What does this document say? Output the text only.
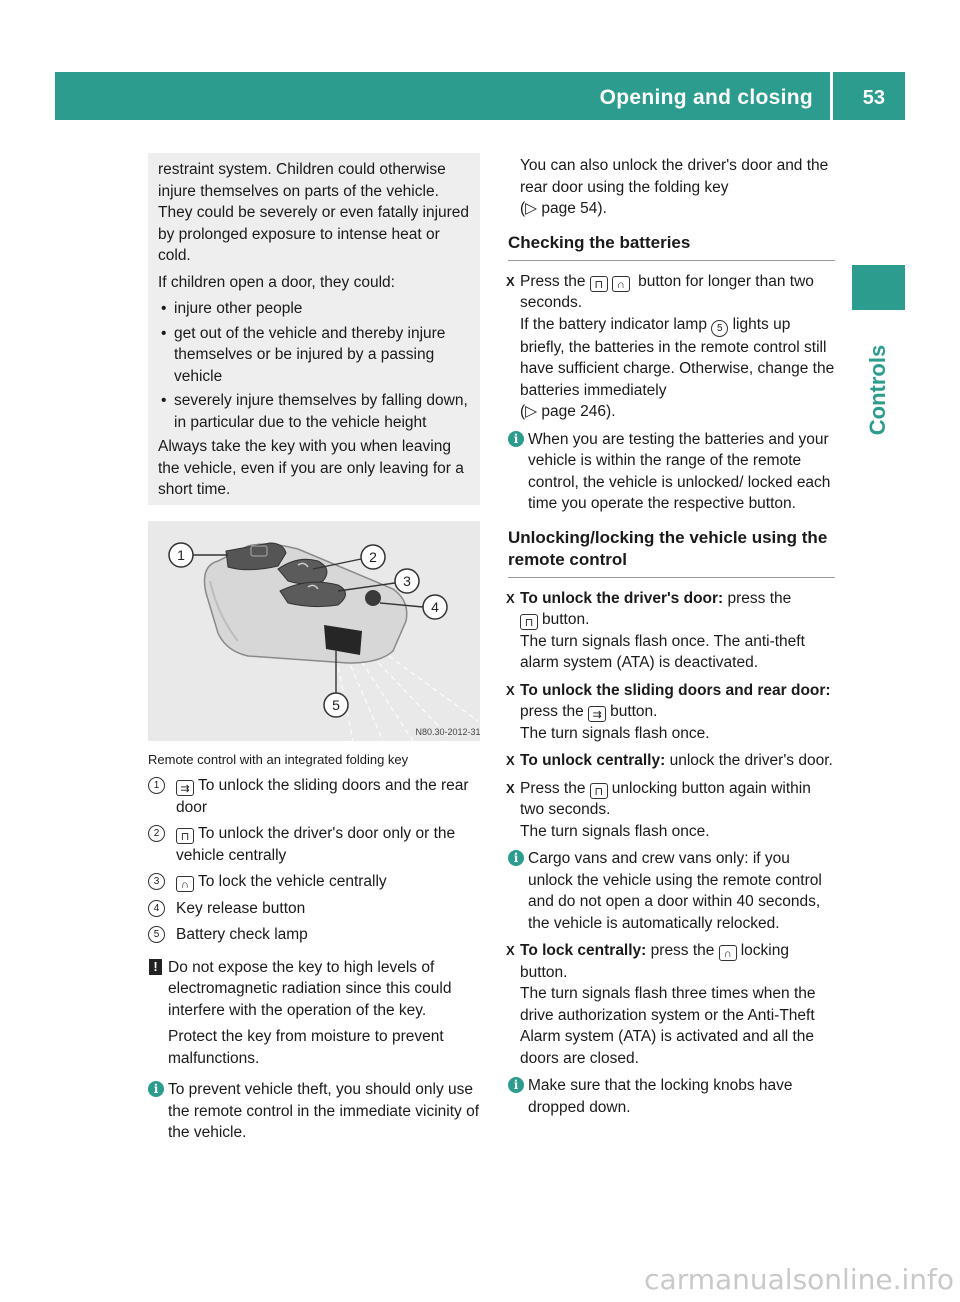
Opening and closing 53
Controls

restraint system. Children could otherwise injure themselves on parts of the vehicle. They could be severely or even fatally injured by prolonged exposure to intense heat or cold.

If children open a door, they could:

• injure other people

• get out of the vehicle and thereby injure themselves or be injured by a passing vehicle

• severely injure themselves by falling down, in particular due to the vehicle height

Always take the key with you when leaving the vehicle, even if you are only leaving for a short time.

1	2
3
4
5
N80.30-2012-31
Remote control with an integrated folding key
1	⇉ To unlock the sliding doors and the rear door
2	⊓ To unlock the driver's door only or the vehicle centrally
3	∩ To lock the vehicle centrally
4	Key release button
5	Battery check lamp
! Do not expose the key to high levels of electromagnetic radiation since this could interfere with the operation of the key.
Protect the key from moisture to prevent malfunctions.
i To prevent vehicle theft, you should only use the remote control in the immediate vicinity of the vehicle.

You can also unlock the driver's door and the rear door using the folding key
(▷ page 54).

Checking the batteries
X Press the ⊓ ∩ button for longer than two seconds.
If the battery indicator lamp 5 lights up briefly, the batteries in the remote control still have sufficient charge. Otherwise, change the batteries immediately
(▷ page 246).
i When you are testing the batteries and your vehicle is within the range of the remote control, the vehicle is unlocked/ locked each time you operate the respective button.
Unlocking/locking the vehicle using the remote control
X To unlock the driver's door: press the
⊓ button.
The turn signals flash once. The anti-theft alarm system (ATA) is deactivated.
X To unlock the sliding doors and rear door: press the ⇉ button.
The turn signals flash once.
X To unlock centrally: unlock the driver's door.
X Press the ⊓ unlocking button again within two seconds.
The turn signals flash once.
i Cargo vans and crew vans only: if you unlock the vehicle using the remote control and do not open a door within 40 seconds, the vehicle is automatically relocked.
X To lock centrally: press the ∩ locking button.
The turn signals flash three times when the drive authorization system or the Anti-Theft Alarm system (ATA) is activated and all the doors are closed.
i Make sure that the locking knobs have dropped down.
carmanualsonline.info
